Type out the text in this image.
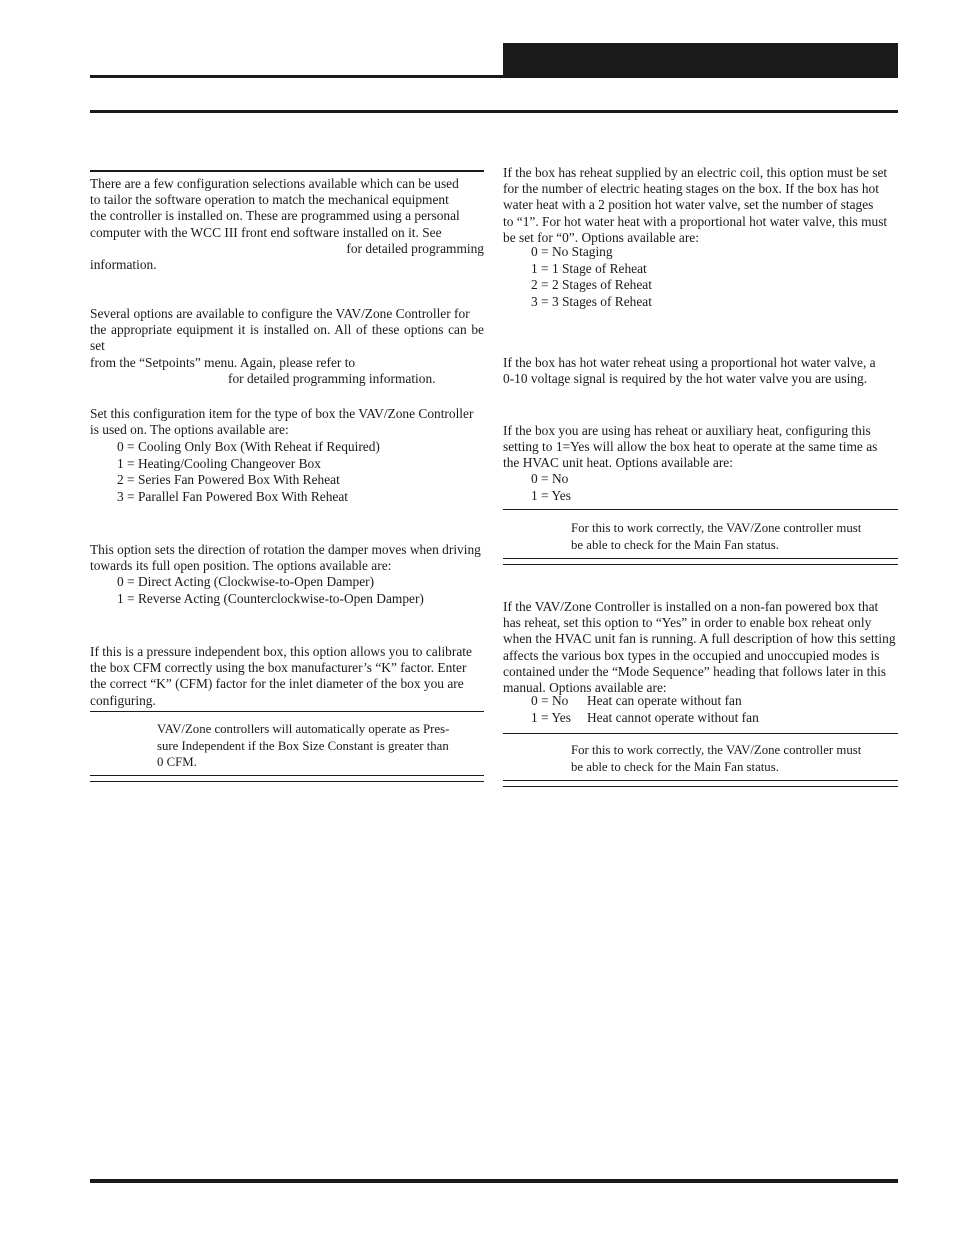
There are a few configuration selections available which can be used
to tailor the software operation to match the mechanical equipment
the controller is installed on. These are programmed using a personal
computer with the WCC III front end software installed on it. See
for detailed programming
information.
Several options are available to configure the VAV/Zone Controller for
the appropriate equipment it is installed on. All of these options can be set
from the “Setpoints” menu. Again, please refer to
for detailed programming information.
Set this configuration item for the type of box the VAV/Zone Controller
is used on. The options available are:
0 = Cooling Only Box (With Reheat if Required)
1 = Heating/Cooling Changeover Box
2 = Series Fan Powered Box With Reheat
3 = Parallel Fan Powered Box With Reheat
This option sets the direction of rotation the damper moves when driving
towards its full open position. The options available are:
0 = Direct Acting (Clockwise-to-Open Damper)
1 = Reverse Acting (Counterclockwise-to-Open Damper)
If this is a pressure independent box, this option allows you to calibrate
the box CFM correctly using the box manufacturer’s “K” factor. Enter
the correct “K” (CFM) factor for the inlet diameter of the box you are
configuring.
VAV/Zone controllers will automatically operate as Pres-
sure Independent if the Box Size Constant is greater than
0 CFM.
If the box has reheat supplied by an electric coil, this option must be set
for the number of electric heating stages on the box. If the box has hot
water heat with a 2 position hot water valve, set the number of stages
to “1”. For hot water heat with a proportional hot water valve, this must
be set for “0”. Options available are:
0 = No Staging
1 = 1 Stage of Reheat
2 = 2 Stages of Reheat
3 = 3 Stages of Reheat
If the box has hot water reheat using a proportional hot water valve, a
0-10 voltage signal is required by the hot water valve you are using.
If the box you are using has reheat or auxiliary heat, configuring this
setting to 1=Yes will allow the box heat to operate at the same time as
the HVAC unit heat. Options available are:
0 = No
1 = Yes
For this to work correctly, the VAV/Zone controller must
be able to check for the Main Fan status.
If the VAV/Zone Controller is installed on a non-fan powered box that
has reheat, set this option to “Yes” in order to enable box reheat only
when the HVAC unit fan is running. A full description of how this setting
affects the various box types in the occupied and unoccupied modes is
contained under the “Mode Sequence” heading that follows later in this
manual. Options available are:
0 = No Heat can operate without fan
1 = Yes Heat cannot operate without fan
For this to work correctly, the VAV/Zone controller must
be able to check for the Main Fan status.
